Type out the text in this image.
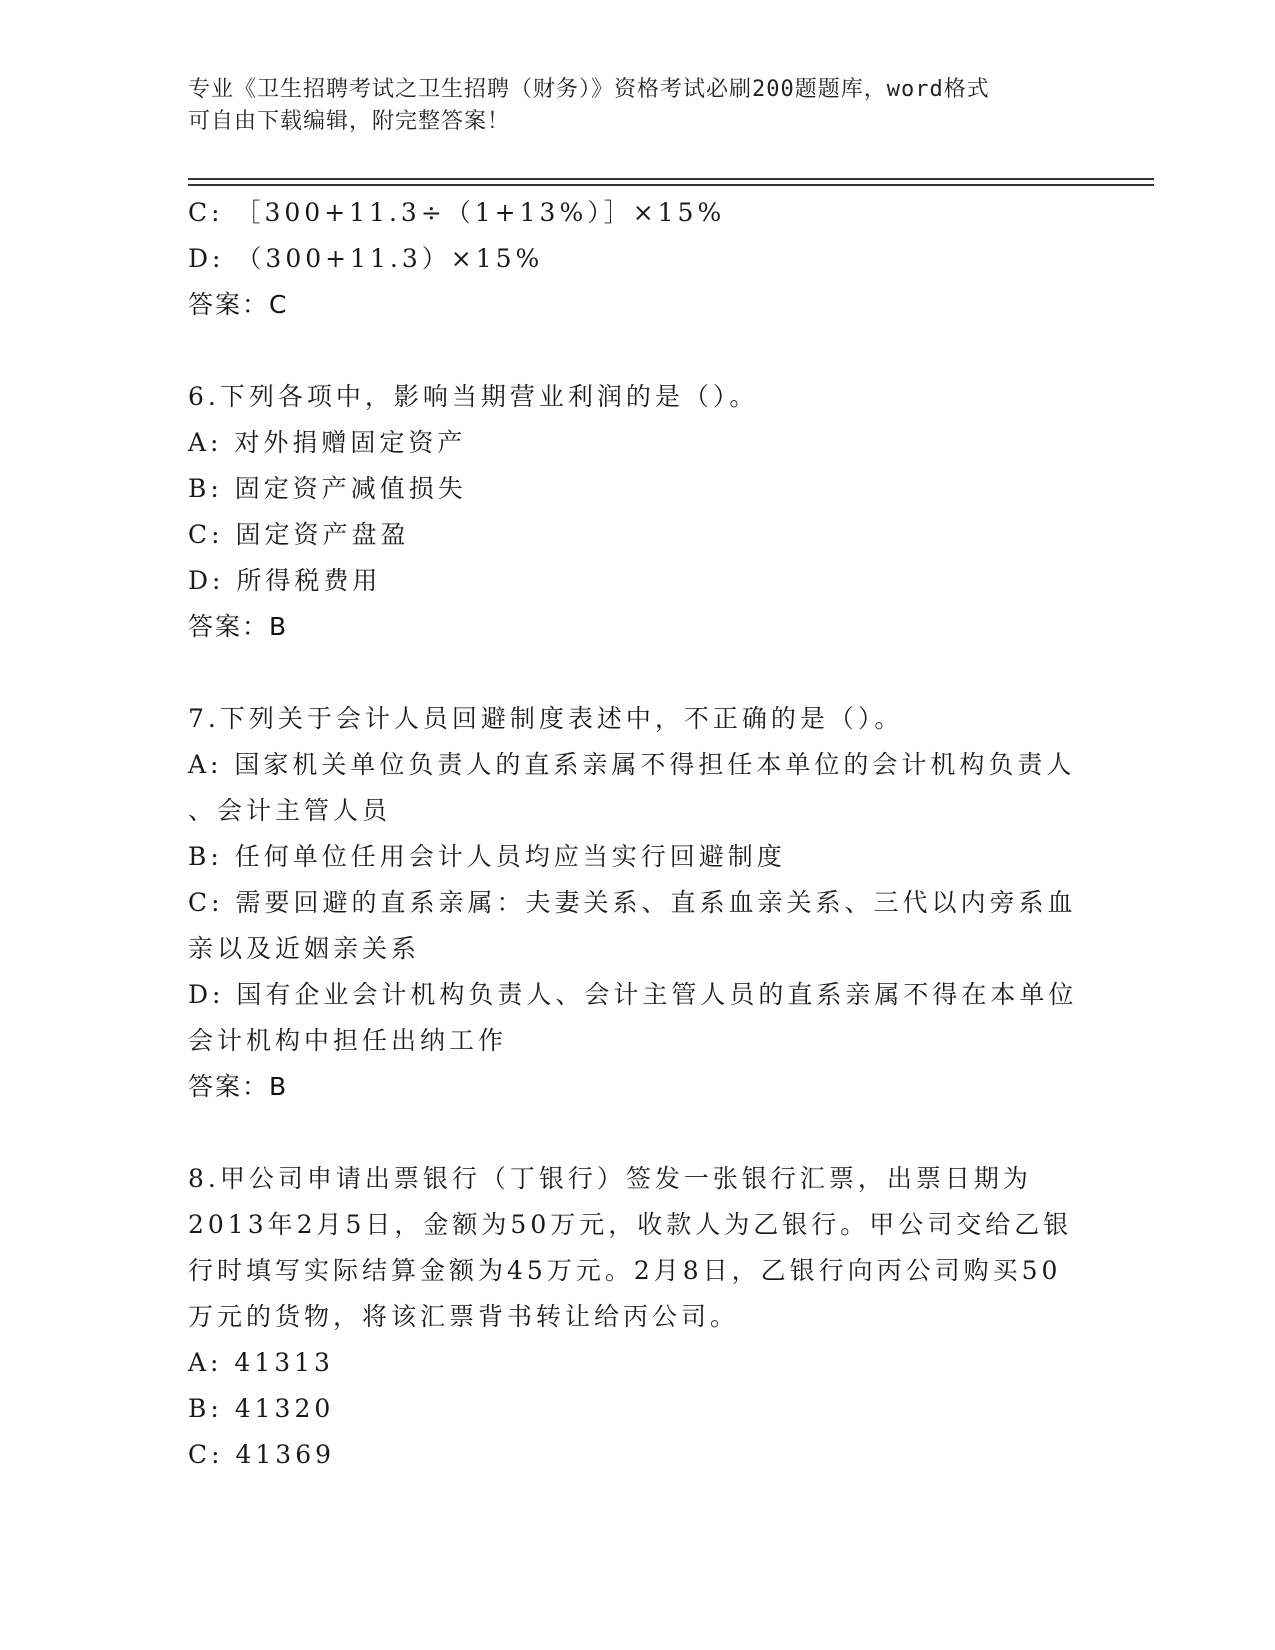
专业《卫生招聘考试之卫生招聘（财务）》资格考试必刷200题题库，word格式
可自由下载编辑，附完整答案！
C: ［300+11.3÷（1+13%）］×15%
D: （300+11.3）×15%
答案：C
6.下列各项中，影响当期营业利润的是（）。
A: 对外捐赠固定资产
B: 固定资产减值损失
C: 固定资产盘盈
D: 所得税费用
答案：B
7.下列关于会计人员回避制度表述中，不正确的是（）。
A: 国家机关单位负责人的直系亲属不得担任本单位的会计机构负责人
、会计主管人员
B: 任何单位任用会计人员均应当实行回避制度
C: 需要回避的直系亲属：夫妻关系、直系血亲关系、三代以内旁系血
亲以及近姻亲关系
D: 国有企业会计机构负责人、会计主管人员的直系亲属不得在本单位
会计机构中担任出纳工作
答案：B
8.甲公司申请出票银行（丁银行）签发一张银行汇票，出票日期为
2013年2月5日，金额为50万元，收款人为乙银行。甲公司交给乙银
行时填写实际结算金额为45万元。2月8日，乙银行向丙公司购买50
万元的货物，将该汇票背书转让给丙公司。
A: 41313
B: 41320
C: 41369
